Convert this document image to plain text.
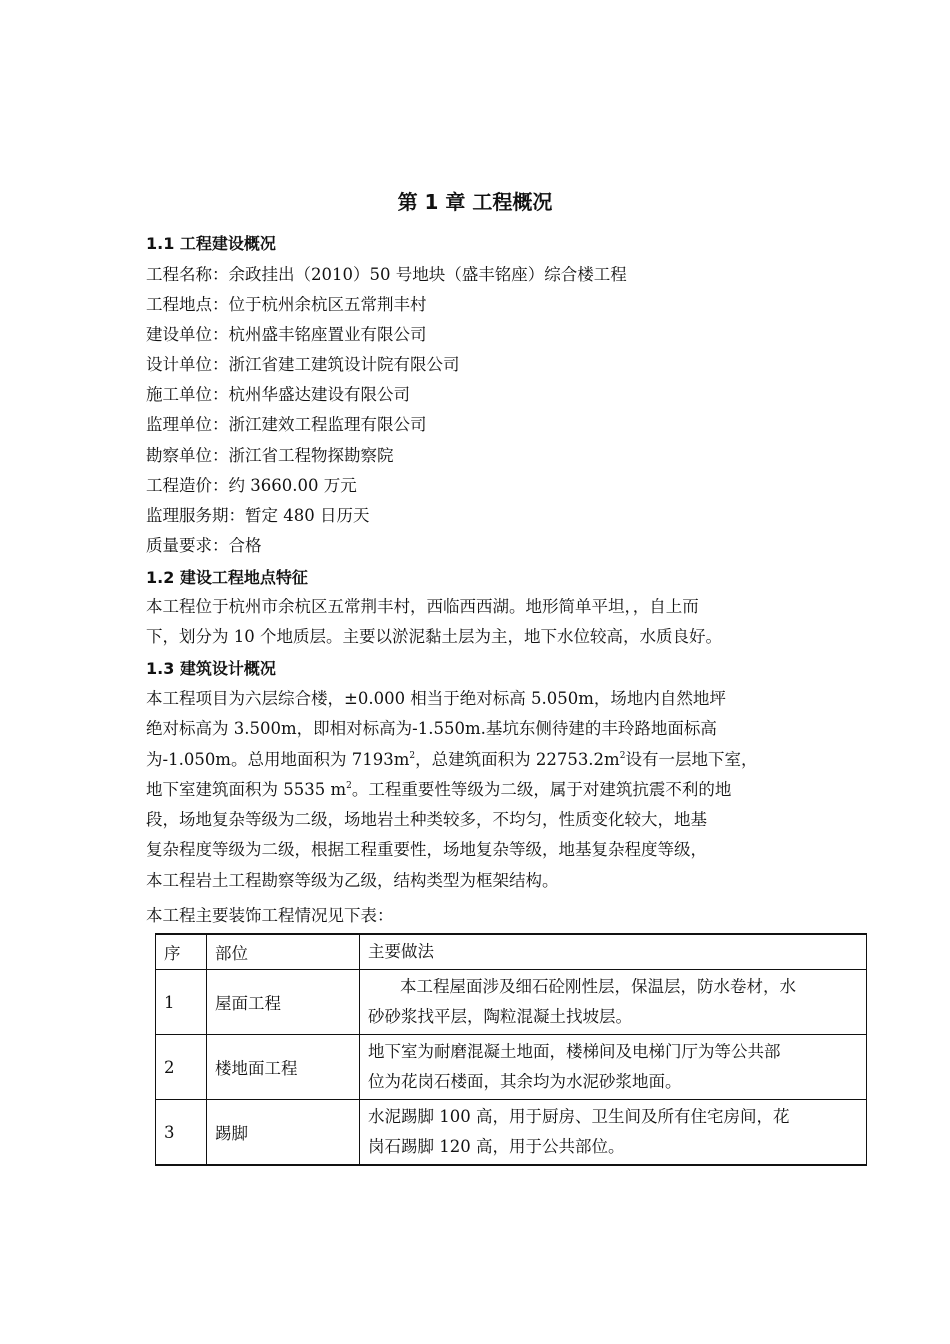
第 1 章 工程概况
1.1 工程建设概况
工程名称：余政挂出（2010）50 号地块（盛丰铭座）综合楼工程
工程地点：位于杭州余杭区五常荆丰村
建设单位：杭州盛丰铭座置业有限公司
设计单位：浙江省建工建筑设计院有限公司
施工单位：杭州华盛达建设有限公司
监理单位：浙江建效工程监理有限公司
勘察单位：浙江省工程物探勘察院
工程造价：约 3660.00 万元
监理服务期：暂定 480 日历天
质量要求：合格
1.2 建设工程地点特征
本工程位于杭州市余杭区五常荆丰村，西临西西湖。地形简单平坦，，自上而
下，划分为 10 个地质层。主要以淤泥黏土层为主，地下水位较高，水质良好。
1.3 建筑设计概况
本工程项目为六层综合楼，±0.000 相当于绝对标高 5.050m，场地内自然地坪
绝对标高为 3.500m，即相对标高为-1.550m.基坑东侧待建的丰玲路地面标高
为-1.050m。总用地面积为 $7193m^2$，总建筑面积为 $22753.2m^2$设有一层地下室，
地下室建筑面积为 5535 $m^2$。工程重要性等级为二级，属于对建筑抗震不利的地
段，场地复杂等级为二级，场地岩土种类较多，不均匀，性质变化较大，地基
复杂程度等级为二级，根据工程重要性，场地复杂等级，地基复杂程度等级，
本工程岩土工程勘察等级为乙级，结构类型为框架结构。
本工程主要装饰工程情况见下表：
序	部位	主要做法
1	屋面工程	本工程屋面涉及细石砼刚性层，保温层，防水卷材，水
砂砂浆找平层，陶粒混凝土找坡层。

2	楼地面工程	地下室为耐磨混凝土地面，楼梯间及电梯门厅为等公共部
位为花岗石楼面，其余均为水泥砂浆地面。

3	踢脚	水泥踢脚 100 高，用于厨房、卫生间及所有住宅房间，花
岗石踢脚 120 高，用于公共部位。
